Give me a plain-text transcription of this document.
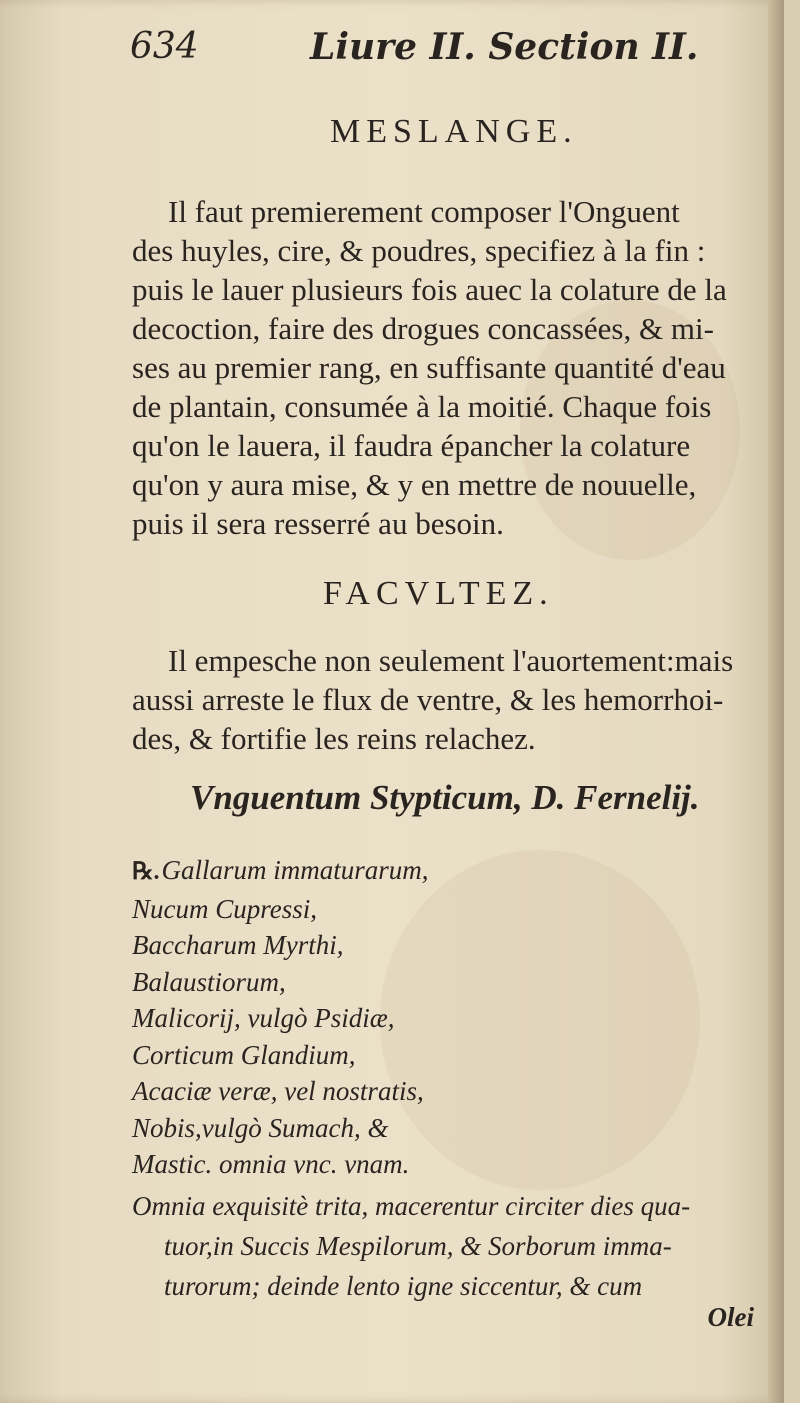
634	Liure II. Section II.
MESLANGE.

Il faut premierement composer l'Onguent
des huyles, cire, & poudres, specifiez à la fin :
puis le lauer plusieurs fois auec la colature de la
decoction, faire des drogues concassées, & mi-
ses au premier rang, en suffisante quantité d'eau
de plantain, consumée à la moitié. Chaque fois
qu'on le lauera, il faudra épancher la colature
qu'on y aura mise, & y en mettre de nouuelle,
puis il sera resserré au besoin.

FACVLTEZ.

Il empesche non seulement l'auortement:mais
aussi arreste le flux de ventre, & les hemorrhoi-
des, & fortifie les reins relachez.

Vnguentum Stypticum, D. Fernelij.

℞.Gallarum immaturarum,
Nucum Cupressi,
Baccharum Myrthi,
Balaustiorum,
Malicorij, vulgò Psidiæ,
Corticum Glandium,
Acaciæ veræ, vel nostratis,
Nobis,vulgò Sumach, &
Mastic. omnia vnc. vnam.

Omnia exquisitè trita, macerentur circiter dies qua-
tuor,in Succis Mespilorum, & Sorborum imma-
turorum; deinde lento igne siccentur, & cum

Olei
